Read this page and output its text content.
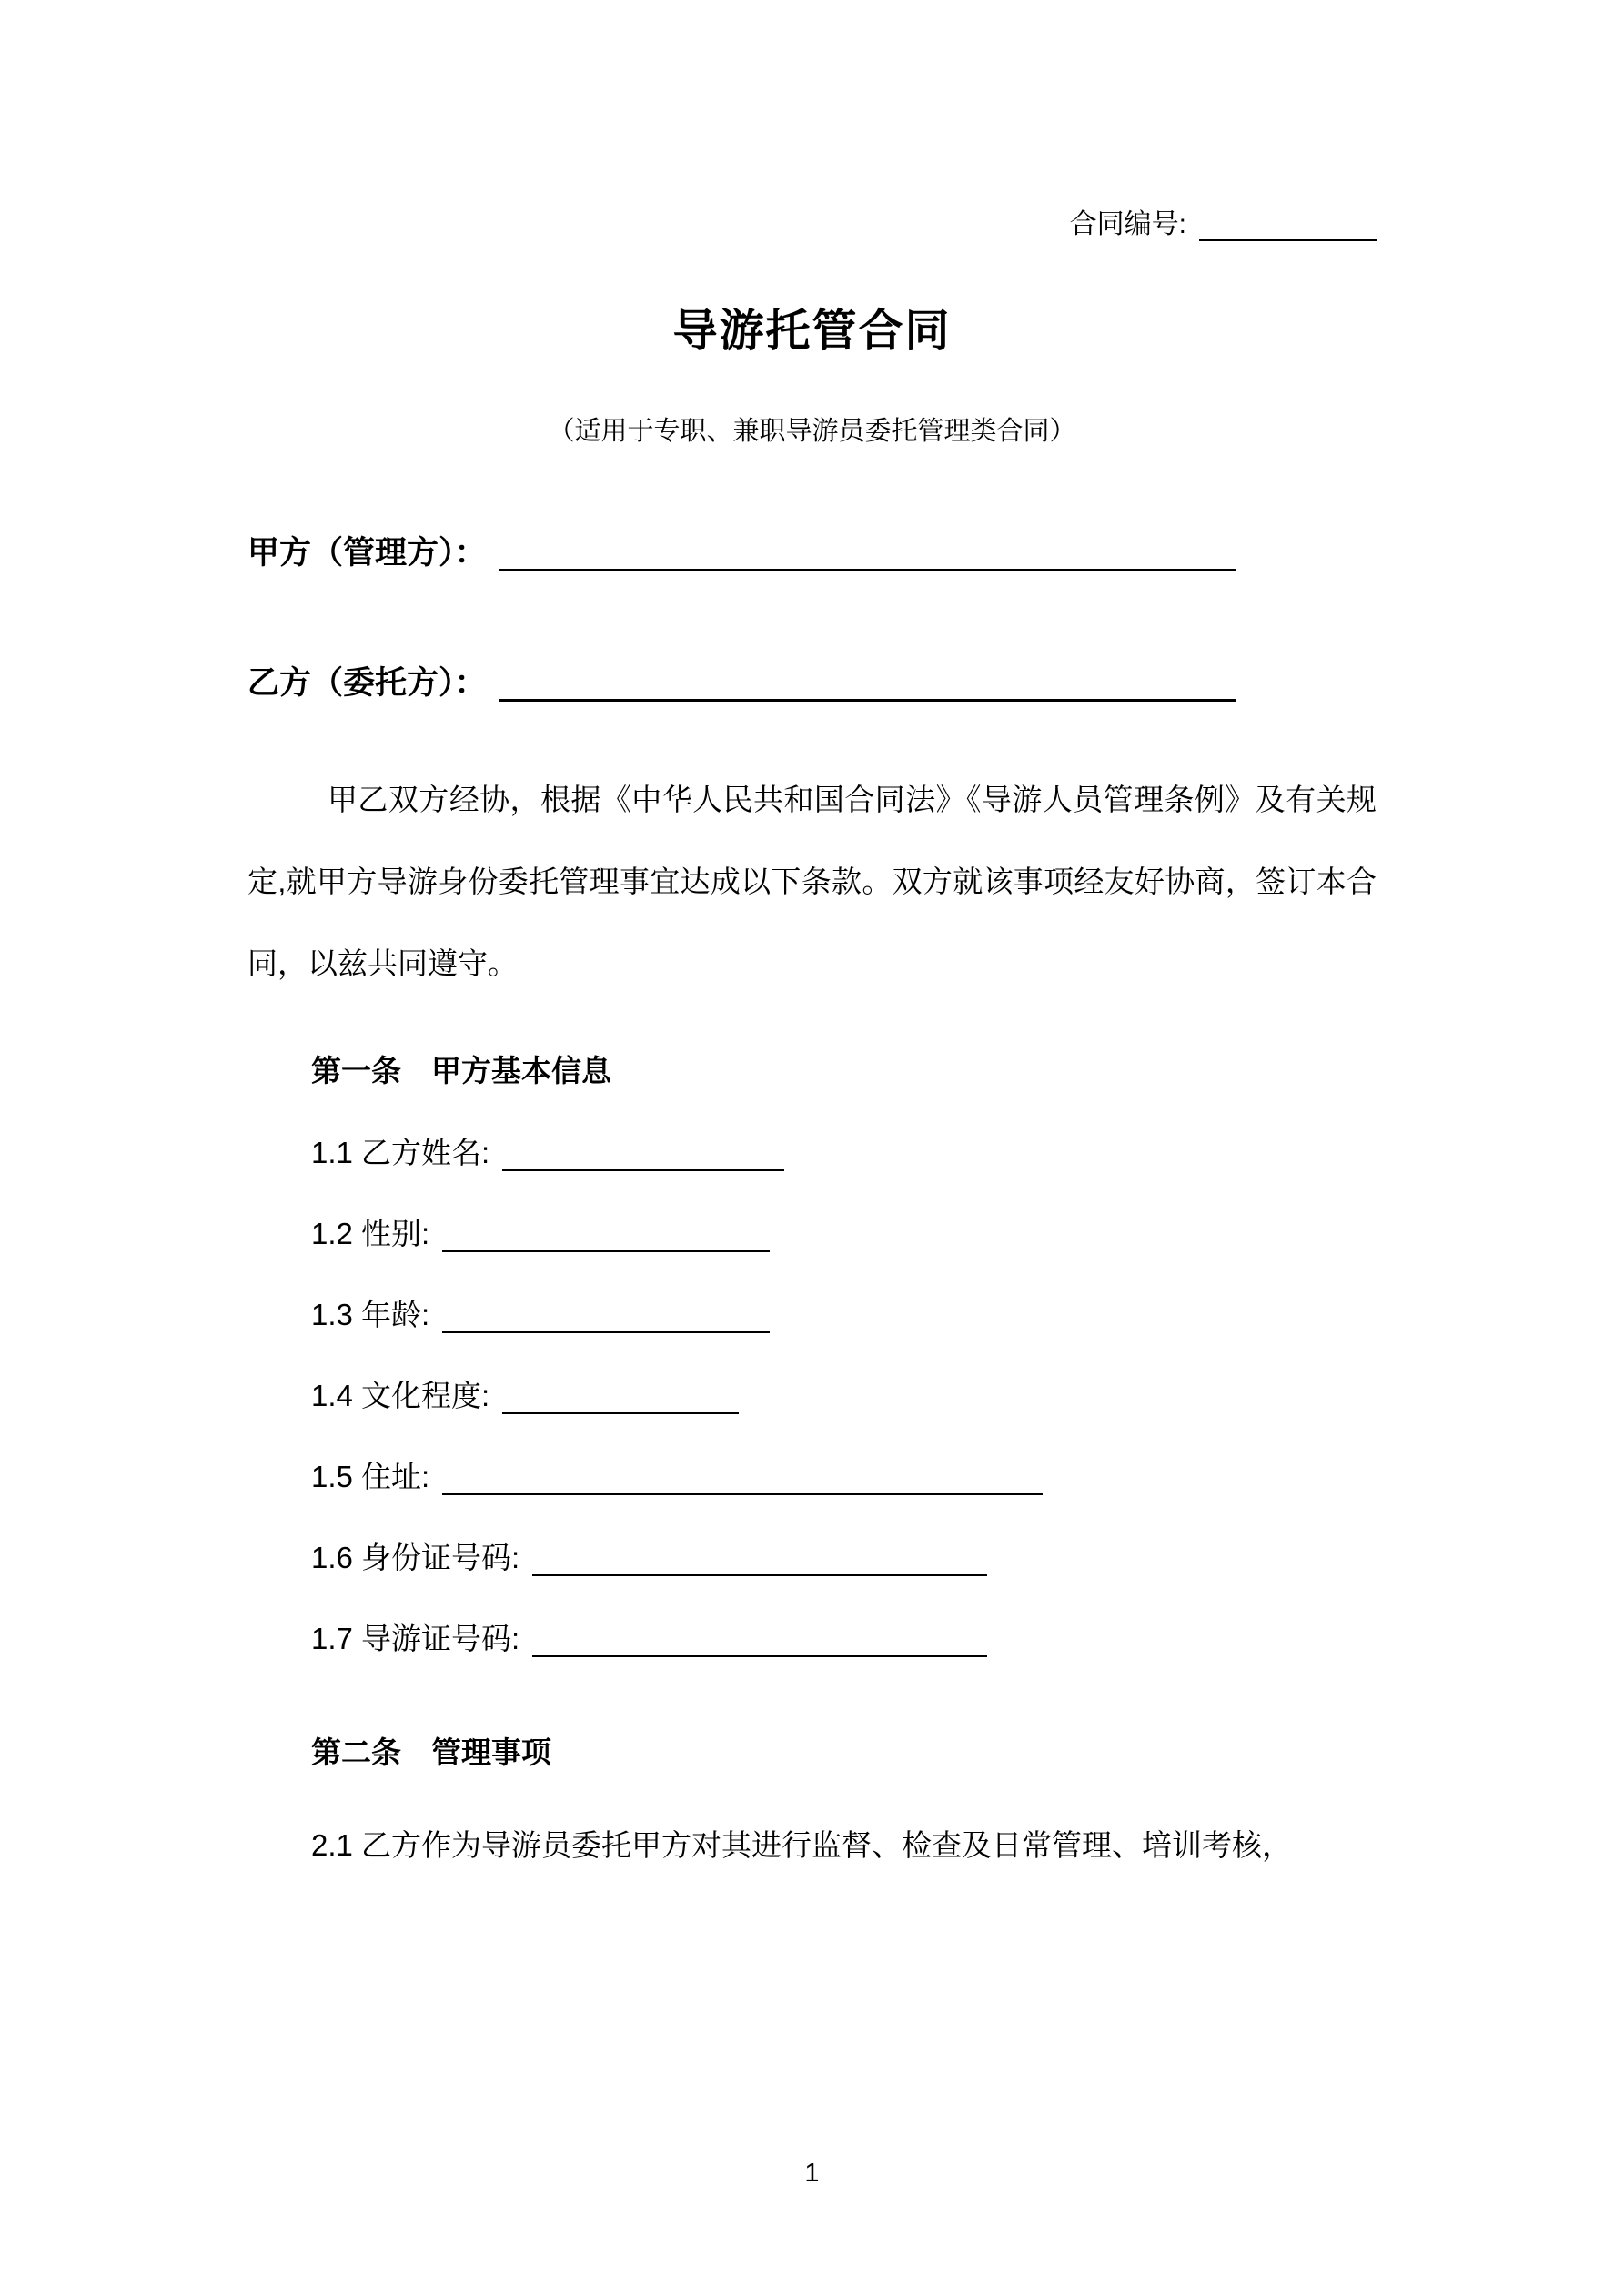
合同编号:
导游托管合同
（适用于专职、兼职导游员委托管理类合同）
甲方（管理方）：
乙方（委托方）：

甲乙双方经协，根据《中华人民共和国合同法》《导游人员管理条例》及有关规定,就甲方导游身份委托管理事宜达成以下条款。双方就该事项经友好协商，签订本合同，以兹共同遵守。

第一条　甲方基本信息
1.1 乙方姓名:
1.2 性别:
1.3 年龄:
1.4 文化程度:
1.5 住址:
1.6 身份证号码:
1.7 导游证号码:
第二条　管理事项

2.1 乙方作为导游员委托甲方对其进行监督、检查及日常管理、培训考核，

1
